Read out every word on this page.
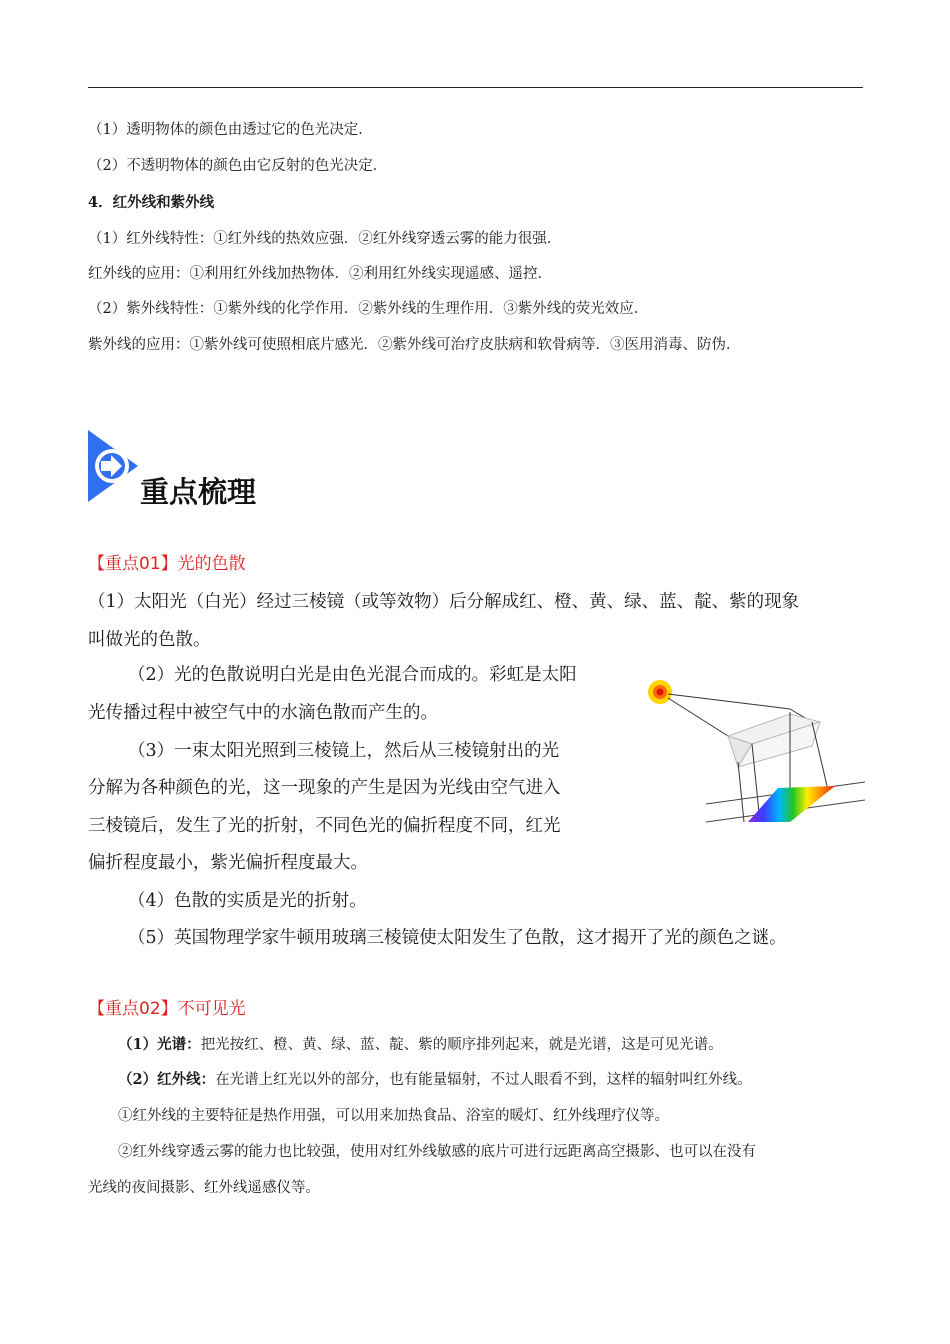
（1）透明物体的颜色由透过它的色光决定．
（2）不透明物体的颜色由它反射的色光决定．
4．红外线和紫外线
（1）红外线特性：①红外线的热效应强．②红外线穿透云雾的能力很强．
红外线的应用：①利用红外线加热物体．②利用红外线实现遥感、遥控．
（2）紫外线特性：①紫外线的化学作用．②紫外线的生理作用．③紫外线的荧光效应．
紫外线的应用：①紫外线可使照相底片感光．②紫外线可治疗皮肤病和软骨病等．③医用消毒、防伪．
重点梳理
【重点01】光的色散
（1）太阳光（白光）经过三棱镜（或等效物）后分解成红、橙、黄、绿、蓝、靛、紫的现象
叫做光的色散。
（2）光的色散说明白光是由色光混合而成的。彩虹是太阳
光传播过程中被空气中的水滴色散而产生的。
（3）一束太阳光照到三棱镜上，然后从三棱镜射出的光
分解为各种颜色的光，这一现象的产生是因为光线由空气进入
三棱镜后，发生了光的折射，不同色光的偏折程度不同，红光
偏折程度最小，紫光偏折程度最大。
（4）色散的实质是光的折射。
（5）英国物理学家牛顿用玻璃三棱镜使太阳发生了色散，这才揭开了光的颜色之谜。
【重点02】不可见光
（1）光谱：把光按红、橙、黄、绿、蓝、靛、紫的顺序排列起来，就是光谱，这是可见光谱。
（2）红外线：在光谱上红光以外的部分，也有能量辐射，不过人眼看不到，这样的辐射叫红外线。
①红外线的主要特征是热作用强，可以用来加热食品、浴室的暖灯、红外线理疗仪等。
②红外线穿透云雾的能力也比较强，使用对红外线敏感的底片可进行远距离高空摄影、也可以在没有
光线的夜间摄影、红外线遥感仪等。
